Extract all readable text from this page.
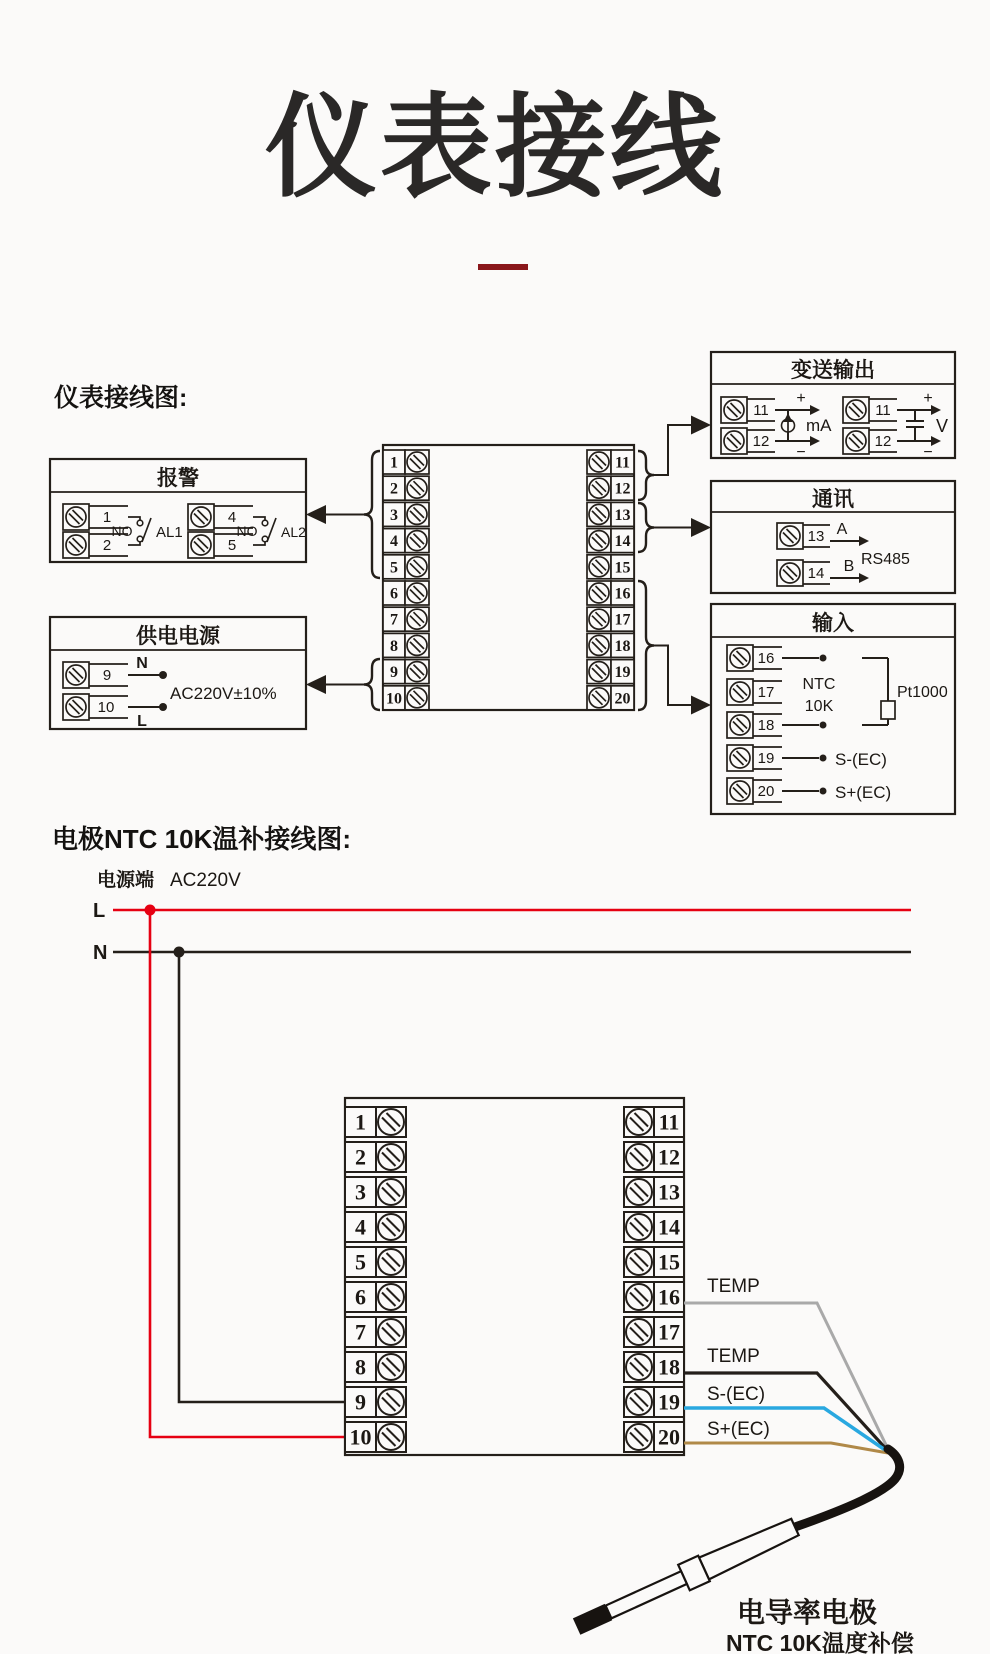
仪表接线
仪表接线图:
电极NTC 10K温补接线图:
报警
1
2
NO AL1
4
5
NO AL2
供电电源
9
10
N
L
AC220V±10%
1	11
2	12
3	13
4	14
5	15
6	16
7	17
8	18
9	19
10	20
变送输出
11
12
+
−
mA
11
12
+
−
V
通讯
13
14
A
B RS485
输入
16
17
18
19
20
NTC
10K
Pt1000
S-(EC)
S+(EC)
电源端 AC220V
L
N
1	11
2	12
3	13
4	14
5	15
6	16
7	17
8	18
9	19
10	20
TEMP
TEMP
S-(EC)
S+(EC)
电导率电极
NTC 10K温度补偿
